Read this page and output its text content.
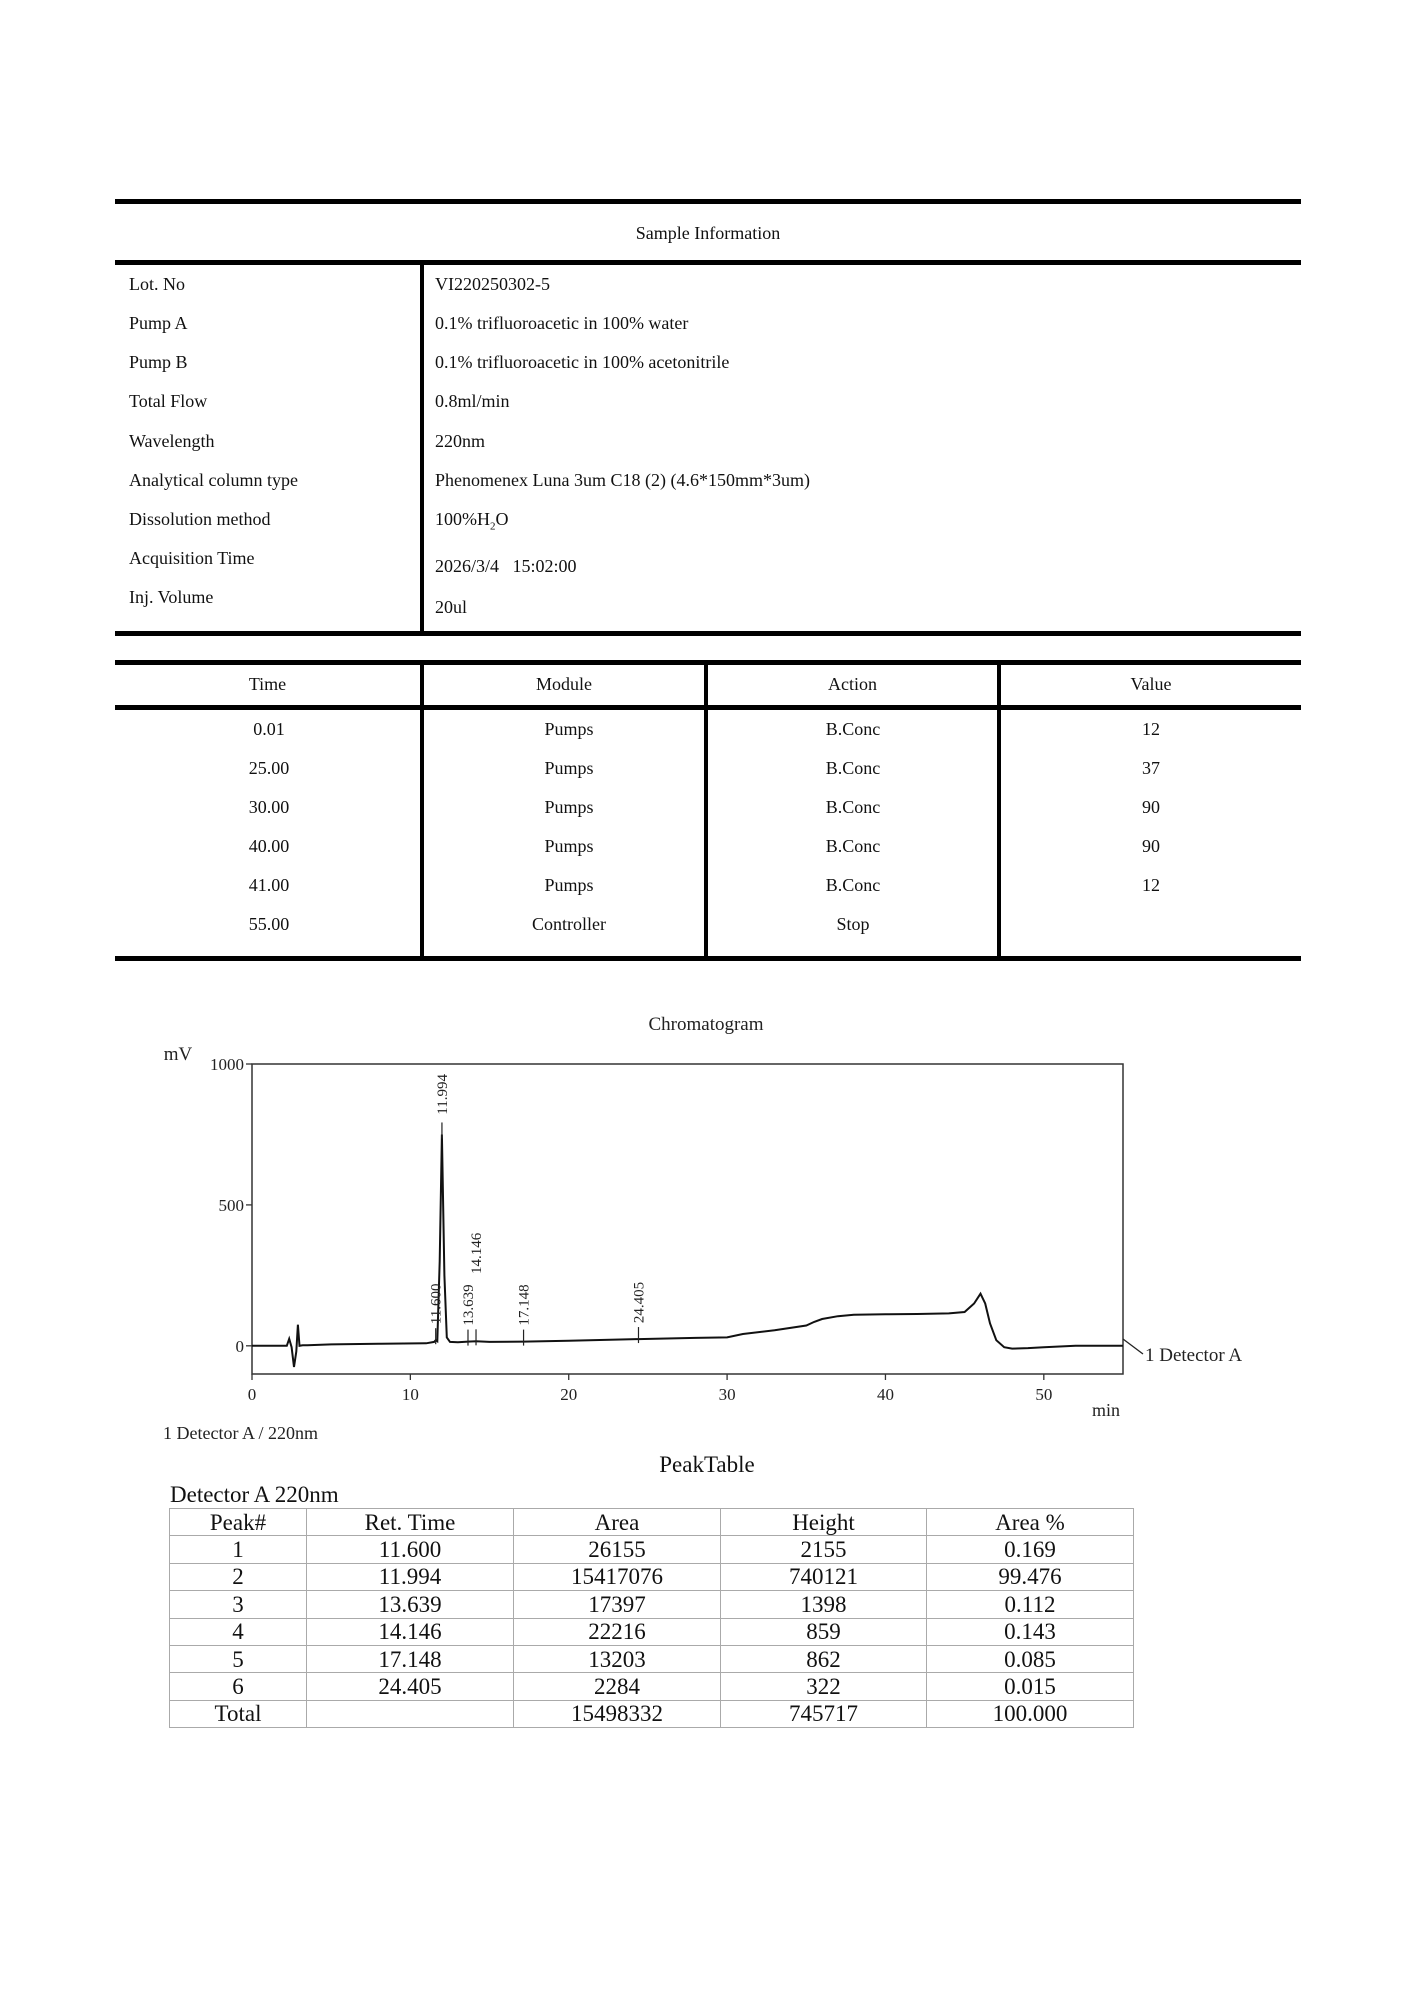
Sample Information
Lot. No	VI220250302-5
Pump A	0.1% trifluoroacetic in 100% water
Pump B	0.1% trifluoroacetic in 100% acetonitrile
Total Flow	0.8ml/min
Wavelength	220nm
Analytical column type	Phenomenex Luna 3um C18 (2) (4.6*150mm*3um)
Dissolution method	$100\%H_2O$
Acquisition Time	2026/3/4   15:02:00
Inj. Volume	20ul
Time	Module	Action	Value
0.01	Pumps	B.Conc	12
25.00	Pumps	B.Conc	37
30.00	Pumps	B.Conc	90
40.00	Pumps	B.Conc	90
41.00	Pumps	B.Conc	12
55.00	Controller	Stop
Chromatogram
mV
min
0
500
1000
0	10	20	30	40	50
11.600
11.994
13.639
14.146
17.148	24.405
1 Detector A
1 Detector A / 220nm
PeakTable
Detector A 220nm
Peak#	Ret. Time	Area	Height	Area %
1	11.600	26155	2155	0.169
2	11.994	15417076	740121	99.476
3	13.639	17397	1398	0.112
4	14.146	22216	859	0.143
5	17.148	13203	862	0.085
6	24.405	2284	322	0.015
Total		15498332	745717	100.000
